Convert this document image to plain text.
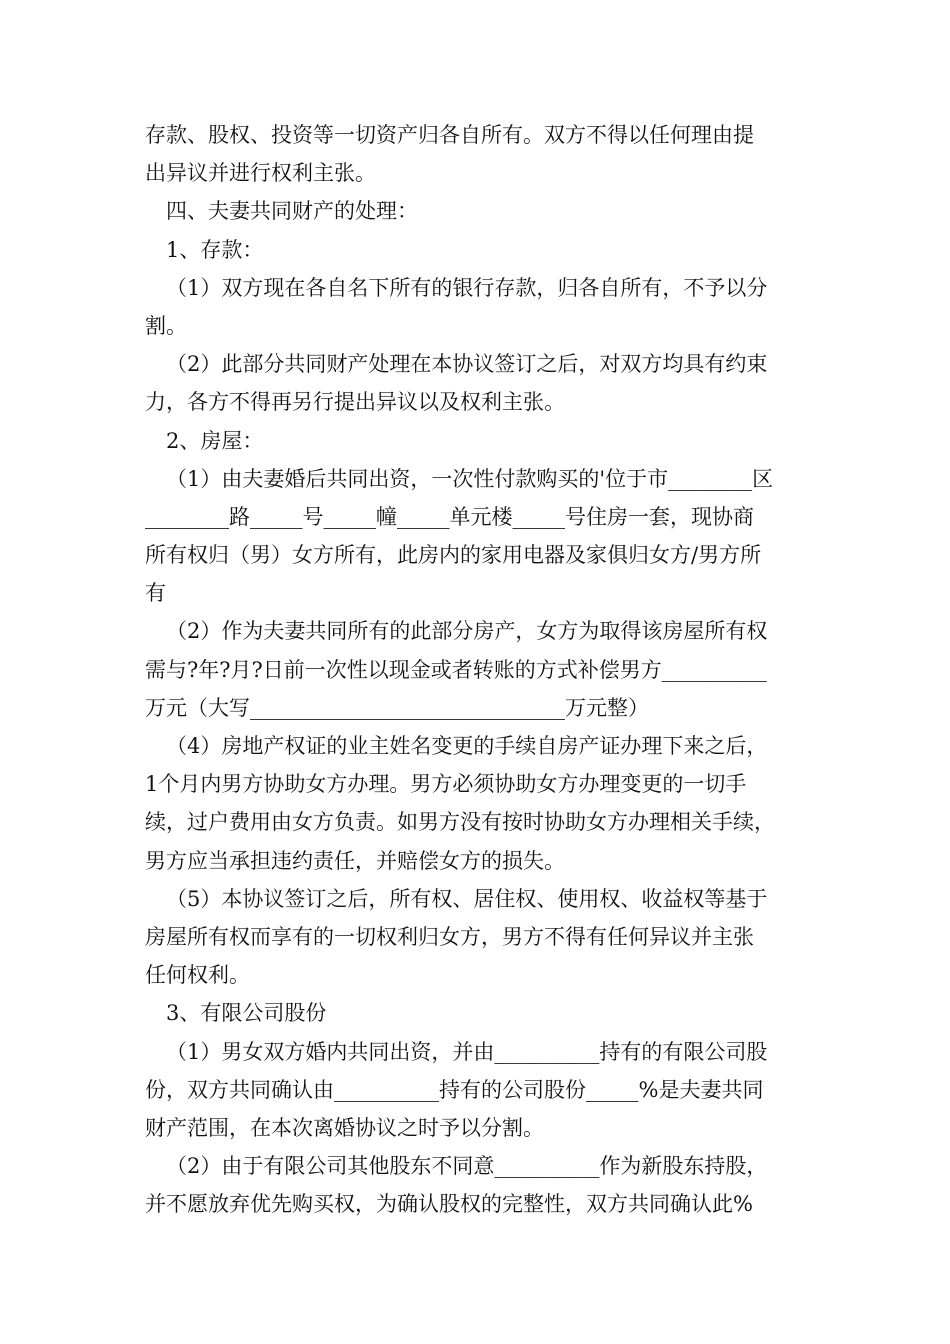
存款、股权、投资等一切资产归各自所有。双方不得以任何理由提
出异议并进行权利主张。
四、夫妻共同财产的处理：
1、存款：
（1）双方现在各自名下所有的银行存款，归各自所有，不予以分
割。
（2）此部分共同财产处理在本协议签订之后，对双方均具有约束
力，各方不得再另行提出异议以及权利主张。
2、房屋：
（1）由夫妻婚后共同出资，一次性付款购买的'位于市________区
________路_____号_____幢_____单元楼_____号住房一套，现协商
所有权归（男）女方所有，此房内的家用电器及家俱归女方/男方所
有
（2）作为夫妻共同所有的此部分房产，女方为取得该房屋所有权
需与?年?月?日前一次性以现金或者转账的方式补偿男方__________
万元（大写______________________________万元整）
（4）房地产权证的业主姓名变更的手续自房产证办理下来之后，
1个月内男方协助女方办理。男方必须协助女方办理变更的一切手
续，过户费用由女方负责。如男方没有按时协助女方办理相关手续，
男方应当承担违约责任，并赔偿女方的损失。
（5）本协议签订之后，所有权、居住权、使用权、收益权等基于
房屋所有权而享有的一切权利归女方，男方不得有任何异议并主张
任何权利。
3、有限公司股份
（1）男女双方婚内共同出资，并由__________持有的有限公司股
份，双方共同确认由__________持有的公司股份_____%是夫妻共同
财产范围，在本次离婚协议之时予以分割。
（2）由于有限公司其他股东不同意__________作为新股东持股，
并不愿放弃优先购买权，为确认股权的完整性，双方共同确认此%
